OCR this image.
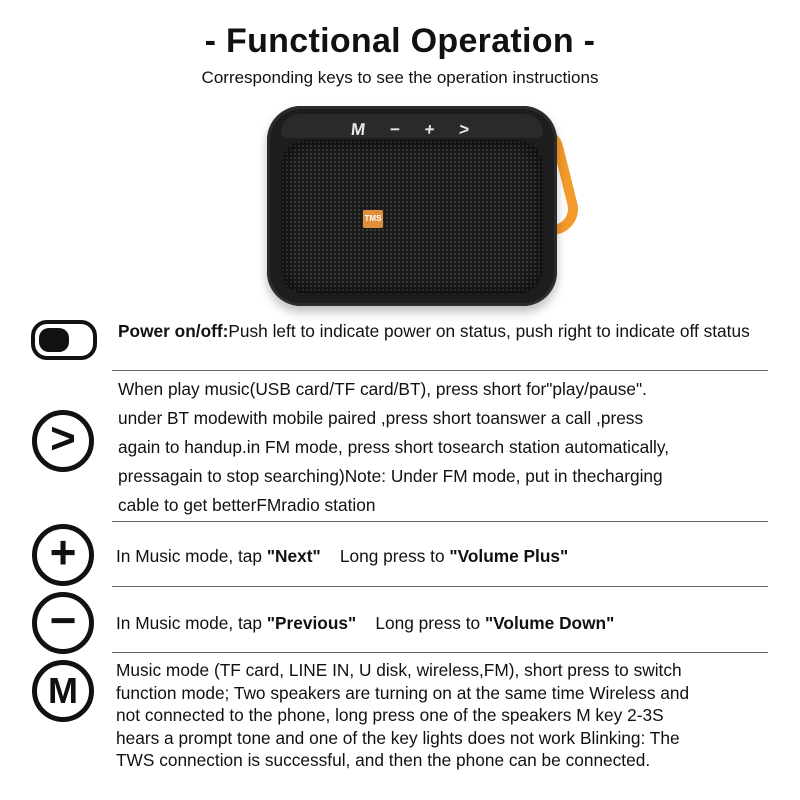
- Functional Operation -
Corresponding keys to see the operation instructions
M − + >
TMS
Power on/off:Push left to indicate power on status, push right to indicate off status
>
When play music(USB card/TF card/BT), press short for"play/pause".
under BT modewith mobile paired ,press short toanswer a call ,press
again to handup.in FM mode, press short tosearch station automatically,
pressagain to stop searching)Note: Under FM mode, put in thecharging
cable to get betterFMradio station
+ In Music mode, tap "Next" Long press to "Volume Plus"
− In Music mode, tap "Previous" Long press to "Volume Down"
M Music mode (TF card, LINE IN, U disk, wireless,FM), short press to switch
function mode; Two speakers are turning on at the same time Wireless and
not connected to the phone, long press one of the speakers M key 2-3S
hears a prompt tone and one of the key lights does not work Blinking: The
TWS connection is successful, and then the phone can be connected.
